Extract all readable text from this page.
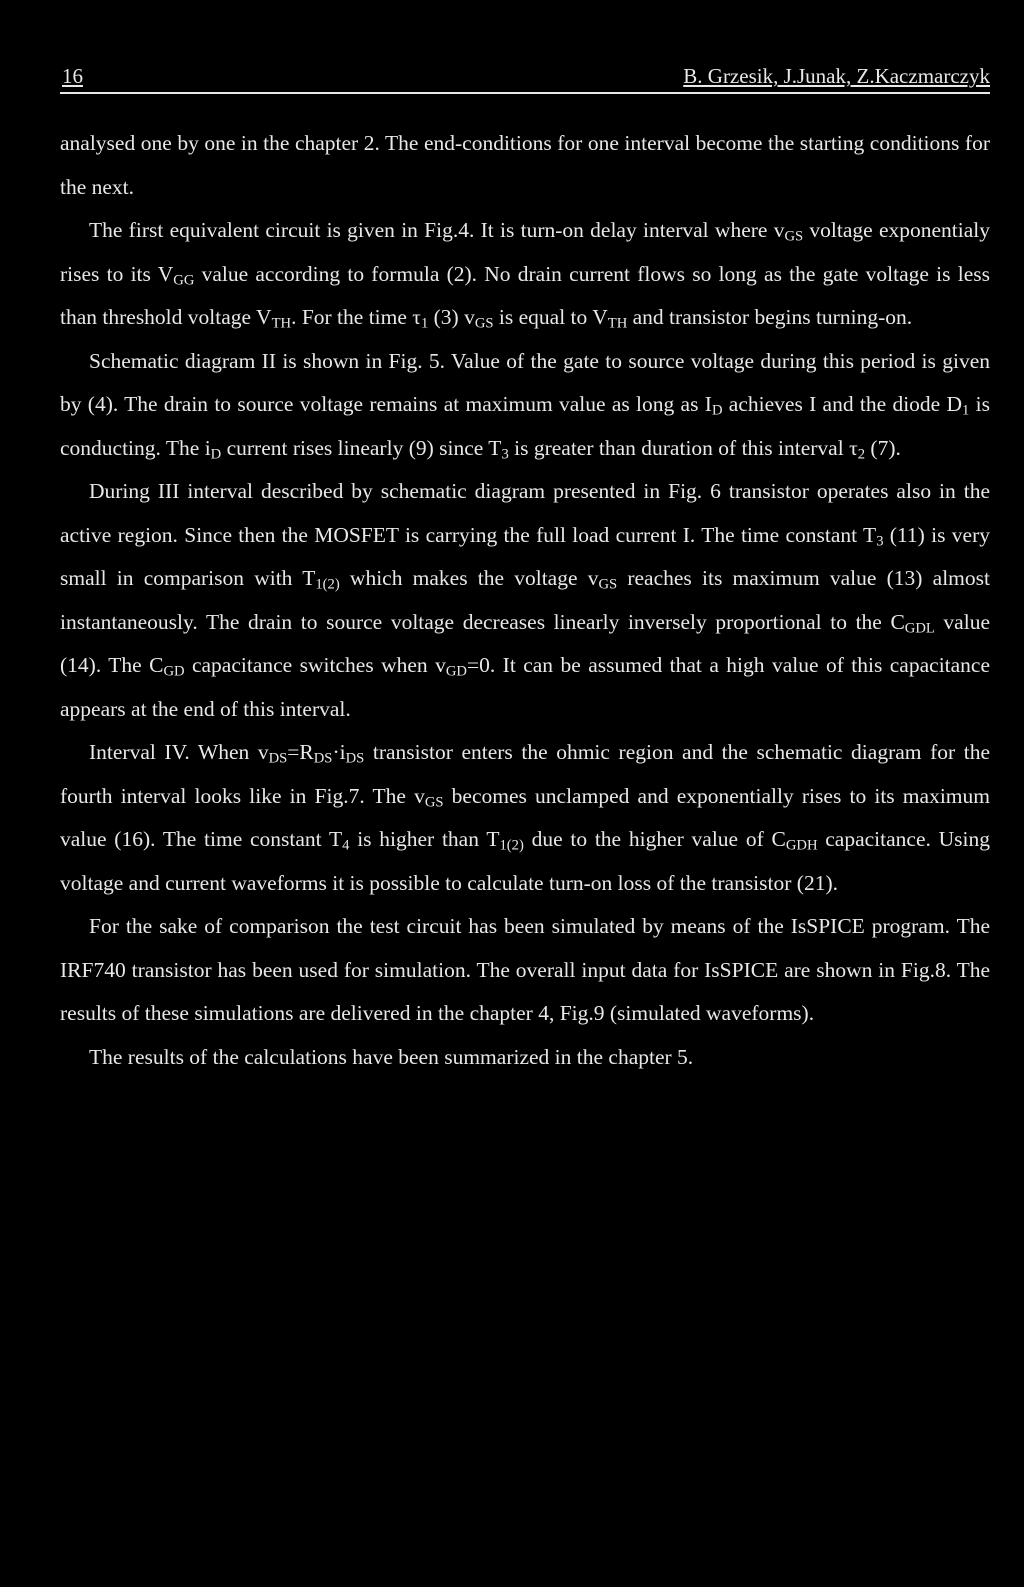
16	B. Grzesik, J.Junak, Z.Kaczmarczyk

analysed one by one in the chapter 2. The end-conditions for one interval become the starting conditions for the next.

The first equivalent circuit is given in Fig.4. It is turn-on delay interval where $v_{GS}$ voltage exponentialy rises to its $V_{GG}$ value according to formula (2). No drain current flows so long as the gate voltage is less than threshold voltage $V_{TH}$. For the time $\tau_1$ (3) $v_{GS}$ is equal to $V_{TH}$ and transistor begins turning-on.

Schematic diagram II is shown in Fig. 5. Value of the gate to source voltage during this period is given by (4). The drain to source voltage remains at maximum value as long as $I_D$ achieves I and the diode $D_1$ is conducting. The $i_D$ current rises linearly (9) since $T_3$ is greater than duration of this interval $\tau_2$ (7).

During III interval described by schematic diagram presented in Fig. 6 transistor operates also in the active region. Since then the MOSFET is carrying the full load current I. The time constant $T_3$ (11) is very small in comparison with $T_{1(2)}$ which makes the voltage $v_{GS}$ reaches its maximum value (13) almost instantaneously. The drain to source voltage decreases linearly inversely proportional to the $C_{GDL}$ value (14). The $C_{GD}$ capacitance switches when $v_{GD}=0$. It can be assumed that a high value of this capacitance appears at the end of this interval.

Interval IV. When $v_{DS}=R_{DS}\cdot i_{DS}$ transistor enters the ohmic region and the schematic diagram for the fourth interval looks like in Fig.7. The $v_{GS}$ becomes unclamped and exponentially rises to its maximum value (16). The time constant $T_4$ is higher than $T_{1(2)}$ due to the higher value of $C_{GDH}$ capacitance. Using voltage and current waveforms it is possible to calculate turn-on loss of the transistor (21).

For the sake of comparison the test circuit has been simulated by means of the IsSPICE program. The IRF740 transistor has been used for simulation. The overall input data for IsSPICE are shown in Fig.8. The results of these simulations are delivered in the chapter 4, Fig.9 (simulated waveforms).

The results of the calculations have been summarized in the chapter 5.
